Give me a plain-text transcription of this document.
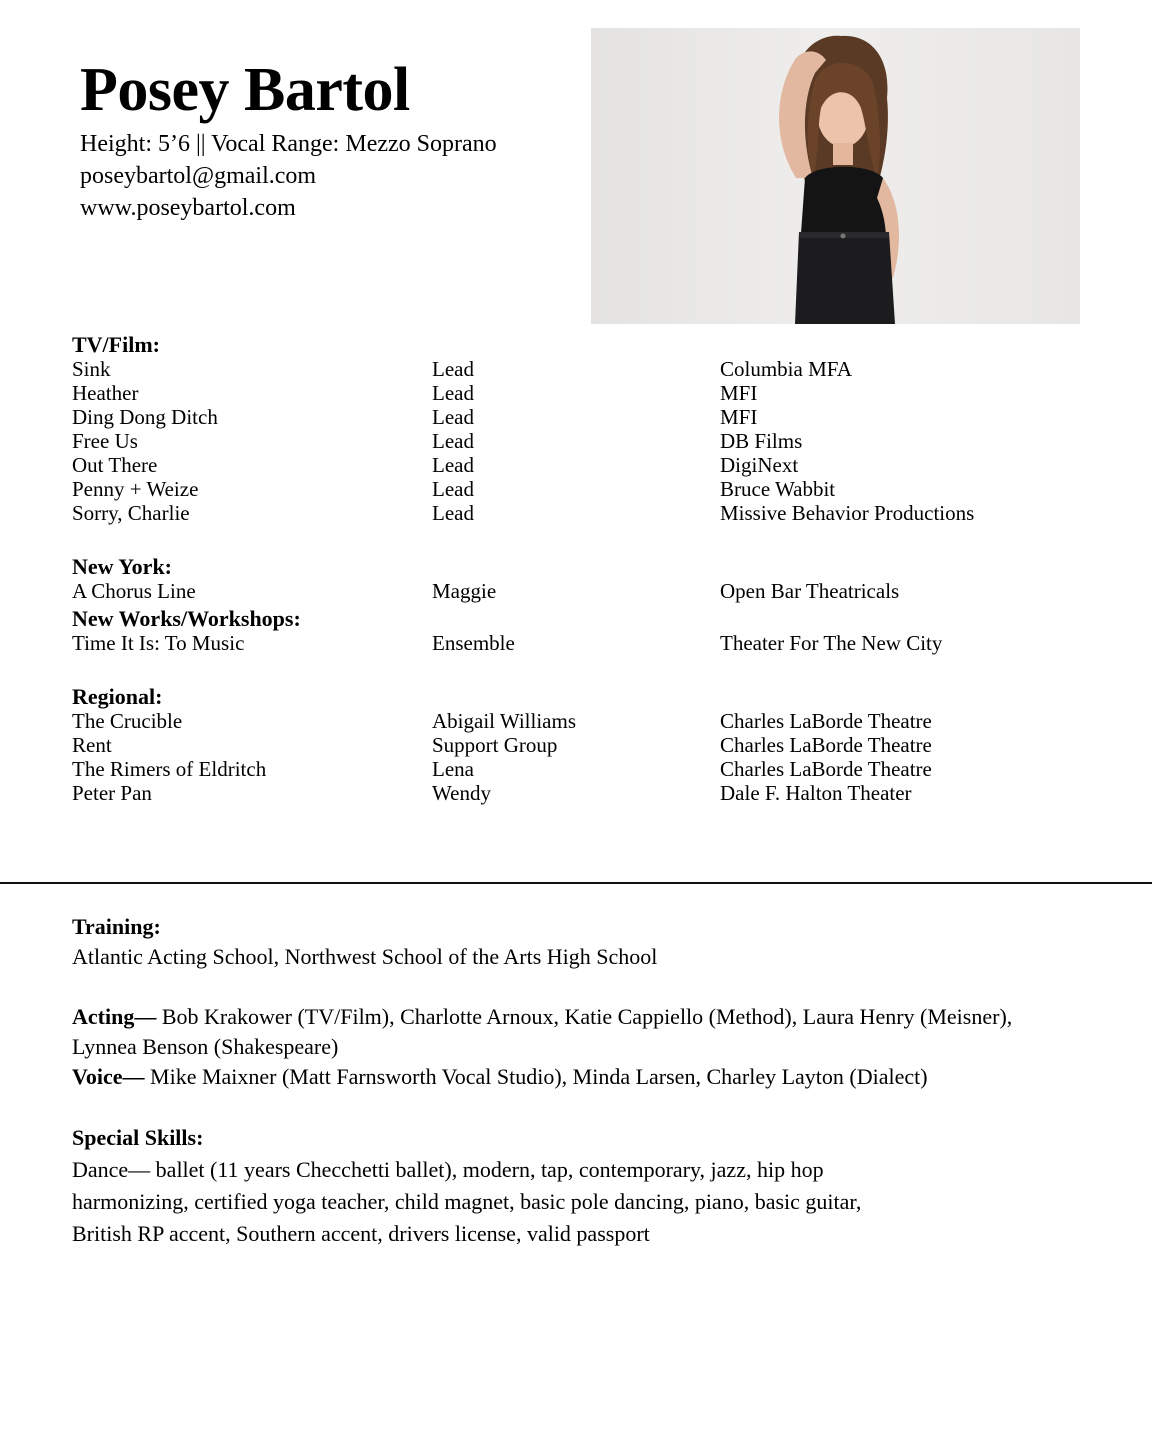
Posey Bartol
Height: 5’6 || Vocal Range: Mezzo Soprano
poseybartol@gmail.com
www.poseybartol.com
TV/Film:
Sink	Lead	Columbia MFA
Heather	Lead	MFI
Ding Dong Ditch	Lead	MFI
Free Us	Lead	DB Films
Out There	Lead	DigiNext
Penny + Weize	Lead	Bruce Wabbit
Sorry, Charlie	Lead	Missive Behavior Productions
New York:
A Chorus Line	Maggie	Open Bar Theatricals
New Works/Workshops:
Time It Is: To Music	Ensemble	Theater For The New City
Regional:
The Crucible	Abigail Williams	Charles LaBorde Theatre
Rent	Support Group	Charles LaBorde Theatre
The Rimers of Eldritch	Lena	Charles LaBorde Theatre
Peter Pan	Wendy	Dale F. Halton Theater
Training:

Atlantic Acting School, Northwest School of the Arts High School

Acting— Bob Krakower (TV/Film), Charlotte Arnoux, Katie Cappiello (Method), Laura Henry (Meisner), Lynnea Benson (Shakespeare)

Voice— Mike Maixner (Matt Farnsworth Vocal Studio), Minda Larsen, Charley Layton (Dialect)

Special Skills:

Dance— ballet (11 years Checchetti ballet), modern, tap, contemporary, jazz, hip hop

harmonizing, certified yoga teacher, child magnet, basic pole dancing, piano, basic guitar,

British RP accent, Southern accent, drivers license, valid passport
